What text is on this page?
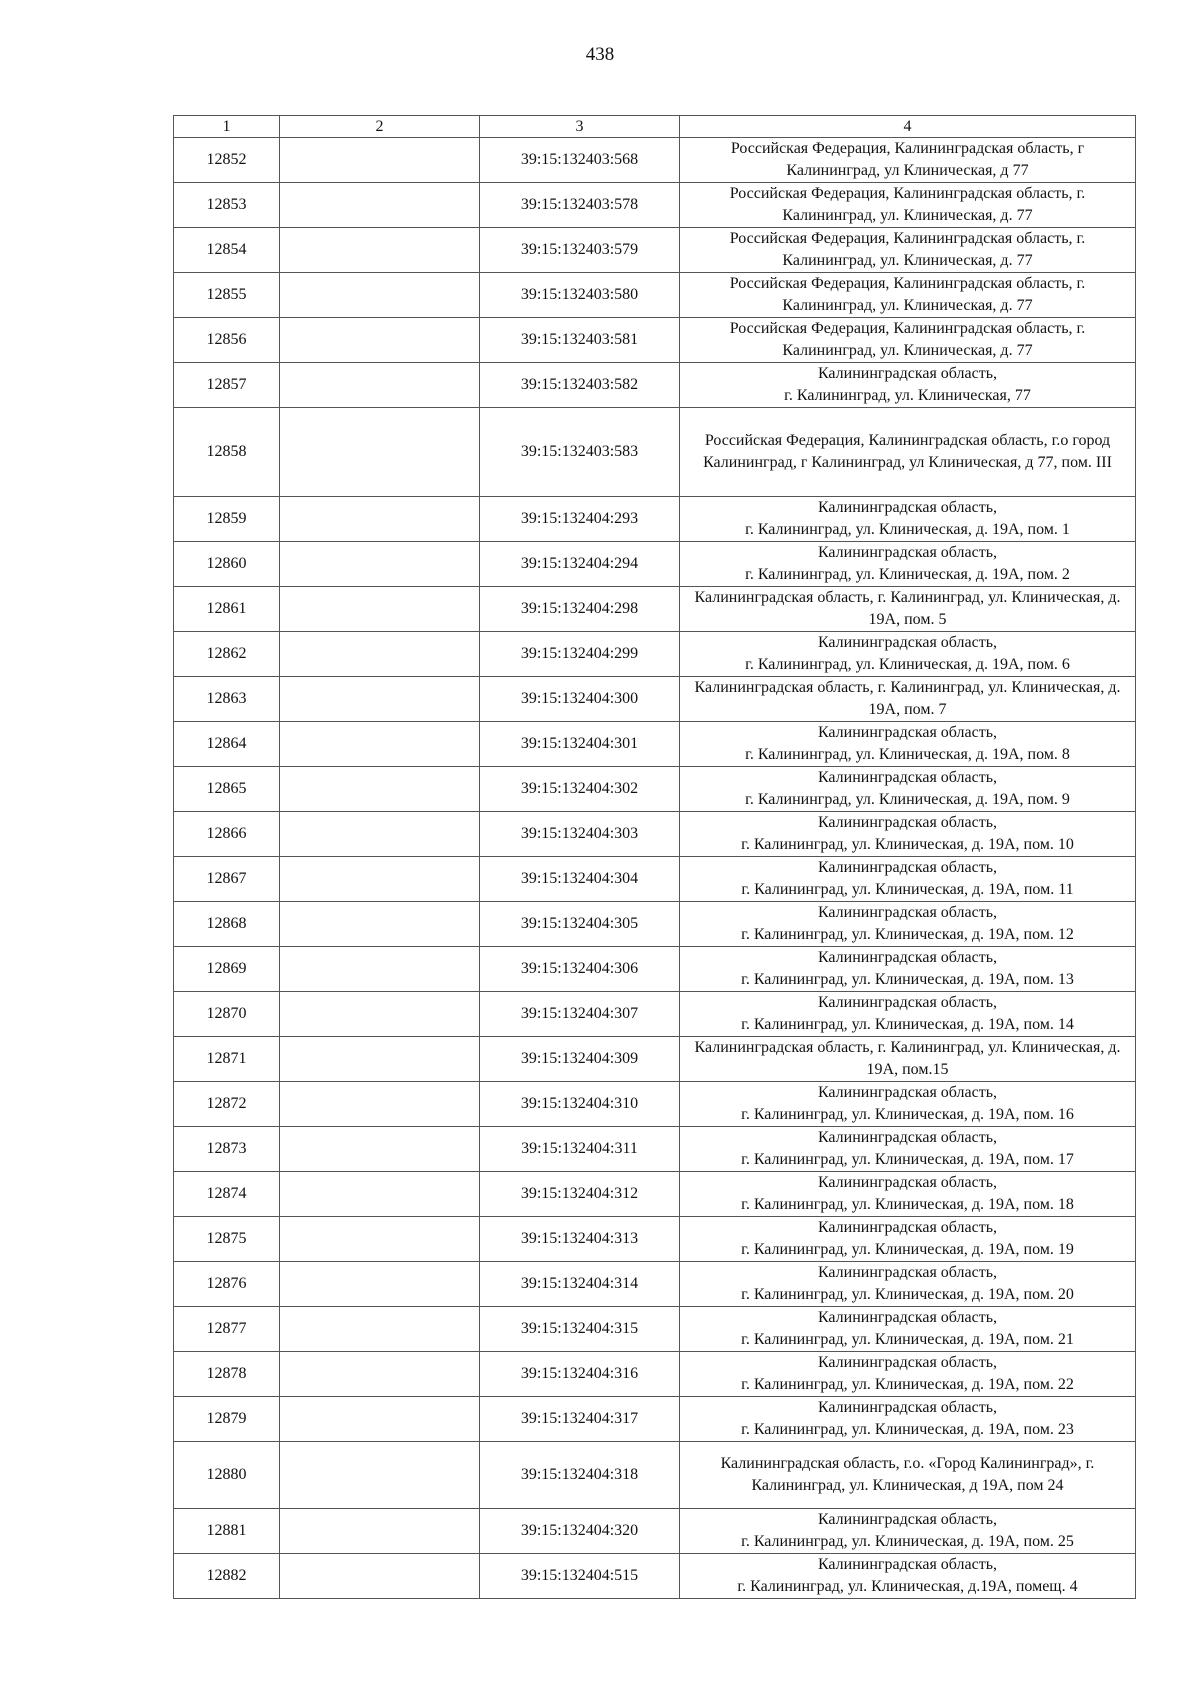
438
1	2	3	4
12852		39:15:132403:568	Российская Федерация, Калининградская область, г Калининград, ул Клиническая, д 77
12853		39:15:132403:578	Российская Федерация, Калининградская область, г. Калининград, ул. Клиническая, д. 77
12854		39:15:132403:579	Российская Федерация, Калининградская область, г. Калининград, ул. Клиническая, д. 77
12855		39:15:132403:580	Российская Федерация, Калининградская область, г. Калининград, ул. Клиническая, д. 77
12856		39:15:132403:581	Российская Федерация, Калининградская область, г. Калининград, ул. Клиническая, д. 77
12857		39:15:132403:582	Калининградская область,
г. Калининград, ул. Клиническая, 77
12858		39:15:132403:583	Российская Федерация, Калининградская область, г.о город Калининград, г Калининград, ул Клиническая, д 77, пом. III
12859		39:15:132404:293	Калининградская область,
г. Калининград, ул. Клиническая, д. 19А, пом. 1
12860		39:15:132404:294	Калининградская область,
г. Калининград, ул. Клиническая, д. 19А, пом. 2
12861		39:15:132404:298	Калининградская область, г. Калининград, ул. Клиническая, д. 19А, пом. 5
12862		39:15:132404:299	Калининградская область,
г. Калининград, ул. Клиническая, д. 19А, пом. 6
12863		39:15:132404:300	Калининградская область, г. Калининград, ул. Клиническая, д. 19А, пом. 7
12864		39:15:132404:301	Калининградская область,
г. Калининград, ул. Клиническая, д. 19А, пом. 8
12865		39:15:132404:302	Калининградская область,
г. Калининград, ул. Клиническая, д. 19А, пом. 9
12866		39:15:132404:303	Калининградская область,
г. Калининград, ул. Клиническая, д. 19А, пом. 10
12867		39:15:132404:304	Калининградская область,
г. Калининград, ул. Клиническая, д. 19А, пом. 11
12868		39:15:132404:305	Калининградская область,
г. Калининград, ул. Клиническая, д. 19А, пом. 12
12869		39:15:132404:306	Калининградская область,
г. Калининград, ул. Клиническая, д. 19А, пом. 13
12870		39:15:132404:307	Калининградская область,
г. Калининград, ул. Клиническая, д. 19А, пом. 14
12871		39:15:132404:309	Калининградская область, г. Калининград, ул. Клиническая, д. 19А, пом.15
12872		39:15:132404:310	Калининградская область,
г. Калининград, ул. Клиническая, д. 19А, пом. 16
12873		39:15:132404:311	Калининградская область,
г. Калининград, ул. Клиническая, д. 19А, пом. 17
12874		39:15:132404:312	Калининградская область,
г. Калининград, ул. Клиническая, д. 19А, пом. 18
12875		39:15:132404:313	Калининградская область,
г. Калининград, ул. Клиническая, д. 19А, пом. 19
12876		39:15:132404:314	Калининградская область,
г. Калининград, ул. Клиническая, д. 19А, пом. 20
12877		39:15:132404:315	Калининградская область,
г. Калининград, ул. Клиническая, д. 19А, пом. 21
12878		39:15:132404:316	Калининградская область,
г. Калининград, ул. Клиническая, д. 19А, пом. 22
12879		39:15:132404:317	Калининградская область,
г. Калининград, ул. Клиническая, д. 19А, пом. 23
12880		39:15:132404:318	Калининградская область, г.о. «Город Калининград», г. Калининград, ул. Клиническая, д 19А, пом 24
12881		39:15:132404:320	Калининградская область,
г. Калининград, ул. Клиническая, д. 19А, пом. 25
12882		39:15:132404:515	Калининградская область,
г. Калининград, ул. Клиническая, д.19А, помещ. 4
